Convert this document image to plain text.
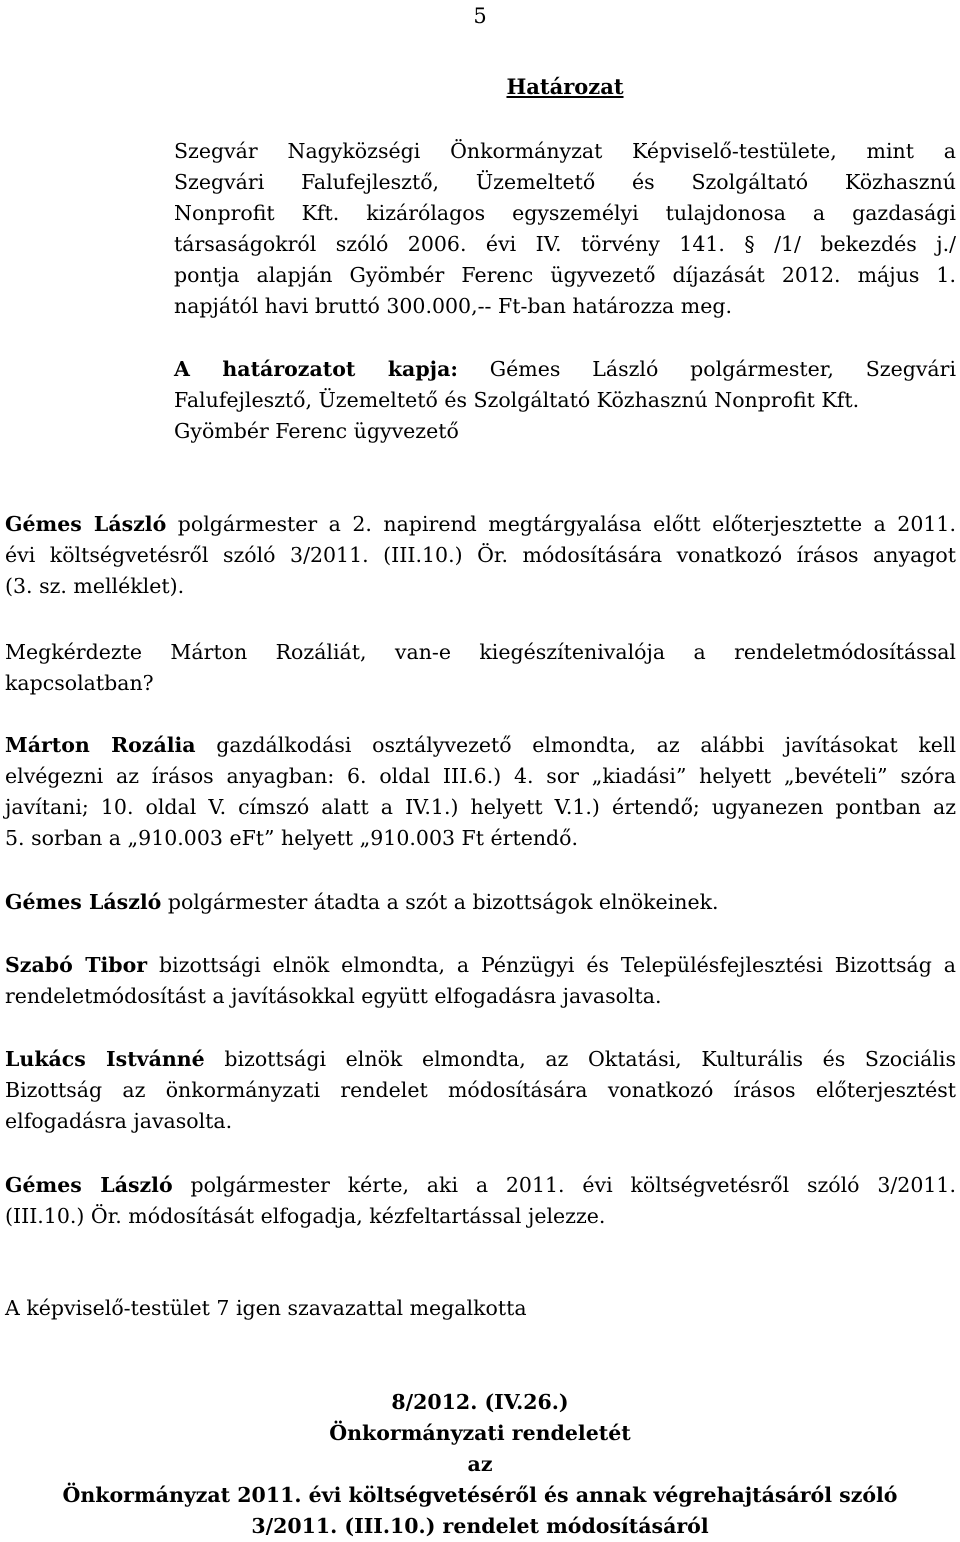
5
Határozat
Szegvár Nagyközségi Önkormányzat Képviselő-testülete, mint a
Szegvári Falufejlesztő, Üzemeltető és Szolgáltató Közhasznú
Nonprofit Kft. kizárólagos egyszemélyi tulajdonosa a gazdasági
társaságokról szóló 2006. évi IV. törvény 141. § /1/ bekezdés j./
pontja alapján Gyömbér Ferenc ügyvezető díjazását 2012. május 1.
napjától havi bruttó 300.000,-- Ft-ban határozza meg.
A határozatot kapja: Gémes László polgármester, Szegvári
Falufejlesztő, Üzemeltető és Szolgáltató Közhasznú Nonprofit Kft.
Gyömbér Ferenc ügyvezető
Gémes László polgármester a 2. napirend megtárgyalása előtt előterjesztette a 2011.
évi költségvetésről szóló 3/2011. (III.10.) Ör. módosítására vonatkozó írásos anyagot
(3. sz. melléklet).
Megkérdezte Márton Rozáliát, van-e kiegészítenivalója a rendeletmódosítással
kapcsolatban?
Márton Rozália gazdálkodási osztályvezető elmondta, az alábbi javításokat kell
elvégezni az írásos anyagban: 6. oldal III.6.) 4. sor „kiadási” helyett „bevételi” szóra
javítani; 10. oldal V. címszó alatt a IV.1.) helyett V.1.) értendő; ugyanezen pontban az
5. sorban a „910.003 eFt” helyett „910.003 Ft értendő.
Gémes László polgármester átadta a szót a bizottságok elnökeinek.
Szabó Tibor bizottsági elnök elmondta, a Pénzügyi és Településfejlesztési Bizottság a
rendeletmódosítást a javításokkal együtt elfogadásra javasolta.
Lukács Istvánné bizottsági elnök elmondta, az Oktatási, Kulturális és Szociális
Bizottság az önkormányzati rendelet módosítására vonatkozó írásos előterjesztést
elfogadásra javasolta.
Gémes László polgármester kérte, aki a 2011. évi költségvetésről szóló 3/2011.
(III.10.) Ör. módosítását elfogadja, kézfeltartással jelezze.
A képviselő-testület 7 igen szavazattal megalkotta
8/2012. (IV.26.)
Önkormányzati rendeletét
az
Önkormányzat 2011. évi költségvetéséről és annak végrehajtásáról szóló
3/2011. (III.10.) rendelet módosításáról
